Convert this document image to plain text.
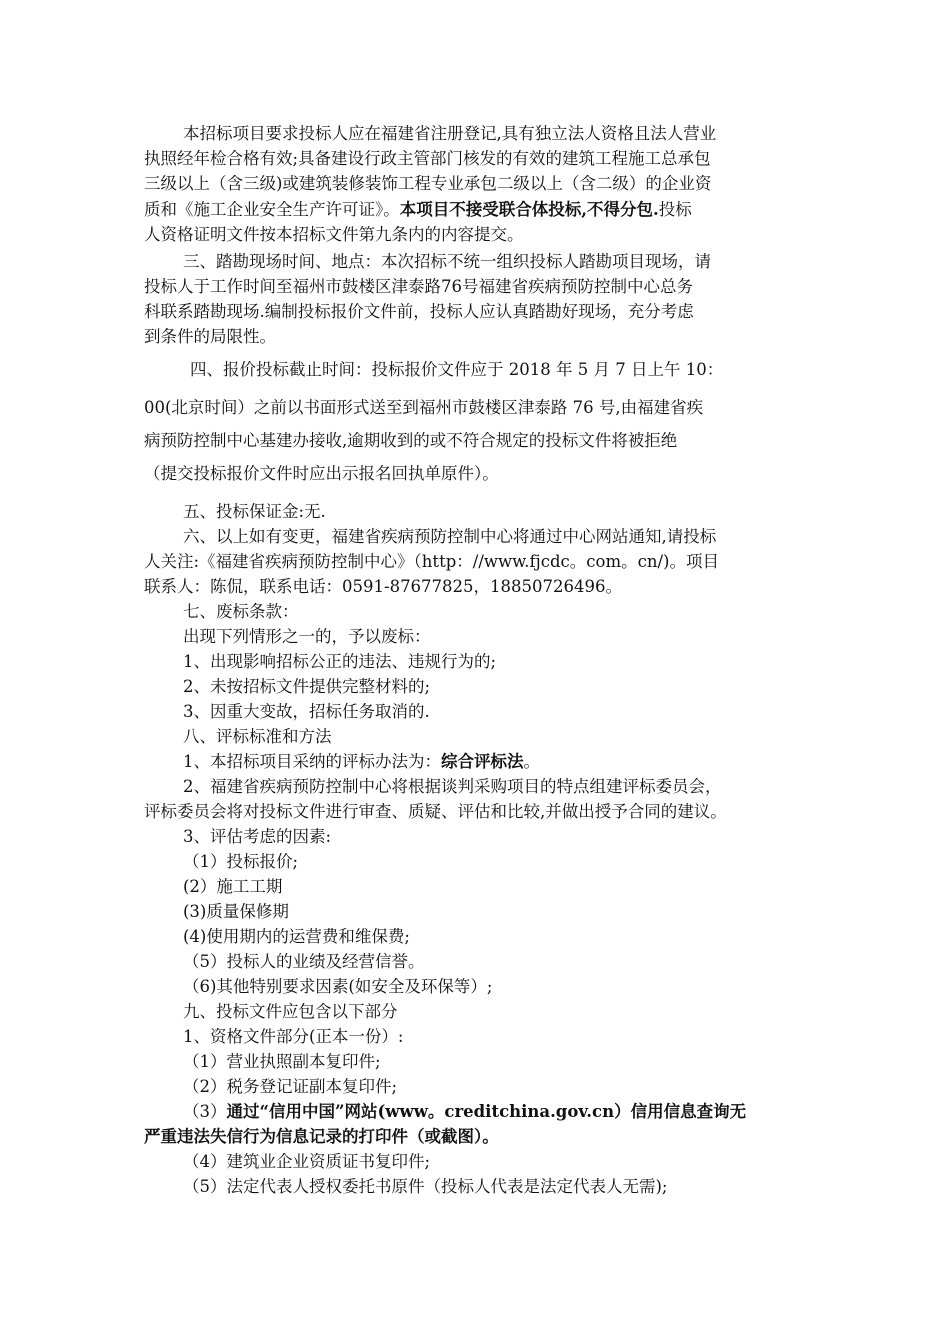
本招标项目要求投标人应在福建省注册登记,具有独立法人资格且法人营业
执照经年检合格有效;具备建设行政主管部门核发的有效的建筑工程施工总承包
三级以上（含三级)或建筑装修装饰工程专业承包二级以上（含二级）的企业资
质和《施工企业安全生产许可证》。本项目不接受联合体投标,不得分包.投标
人资格证明文件按本招标文件第九条内的内容提交。
三、踏勘现场时间、地点：本次招标不统一组织投标人踏勘项目现场，请
投标人于工作时间至福州市鼓楼区津泰路76号福建省疾病预防控制中心总务
科联系踏勘现场.编制投标报价文件前，投标人应认真踏勘好现场，充分考虑
到条件的局限性。
四、报价投标截止时间：投标报价文件应于 2018 年 5 月 7 日上午 10：
00(北京时间）之前以书面形式送至到福州市鼓楼区津泰路 76 号,由福建省疾
病预防控制中心基建办接收,逾期收到的或不符合规定的投标文件将被拒绝
（提交投标报价文件时应出示报名回执单原件）。
五、投标保证金:无.
六、以上如有变更，福建省疾病预防控制中心将通过中心网站通知,请投标
人关注:《福建省疾病预防控制中心》（http：//www.fjcdc。com。cn/)。项目
联系人：陈侃，联系电话：0591-87677825，18850726496。
七、废标条款：
出现下列情形之一的，予以废标：
1、出现影响招标公正的违法、违规行为的;
2、未按招标文件提供完整材料的;
3、因重大变故，招标任务取消的.
八、评标标准和方法
1、本招标项目采纳的评标办法为：综合评标法。
2、福建省疾病预防控制中心将根据谈判采购项目的特点组建评标委员会，
评标委员会将对投标文件进行审查、质疑、评估和比较,并做出授予合同的建议。
3、评估考虑的因素:
（1）投标报价;
(2）施工工期
(3)质量保修期
(4)使用期内的运营费和维保费;
（5）投标人的业绩及经营信誉。
（6)其他特别要求因素(如安全及环保等）;
九、投标文件应包含以下部分
1、资格文件部分(正本一份）:
（1）营业执照副本复印件;
（2）税务登记证副本复印件;
（3）通过“信用中国”网站(www。creditchina.gov.cn）信用信息查询无
严重违法失信行为信息记录的打印件（或截图）。
（4）建筑业企业资质证书复印件;
（5）法定代表人授权委托书原件（投标人代表是法定代表人无需);
